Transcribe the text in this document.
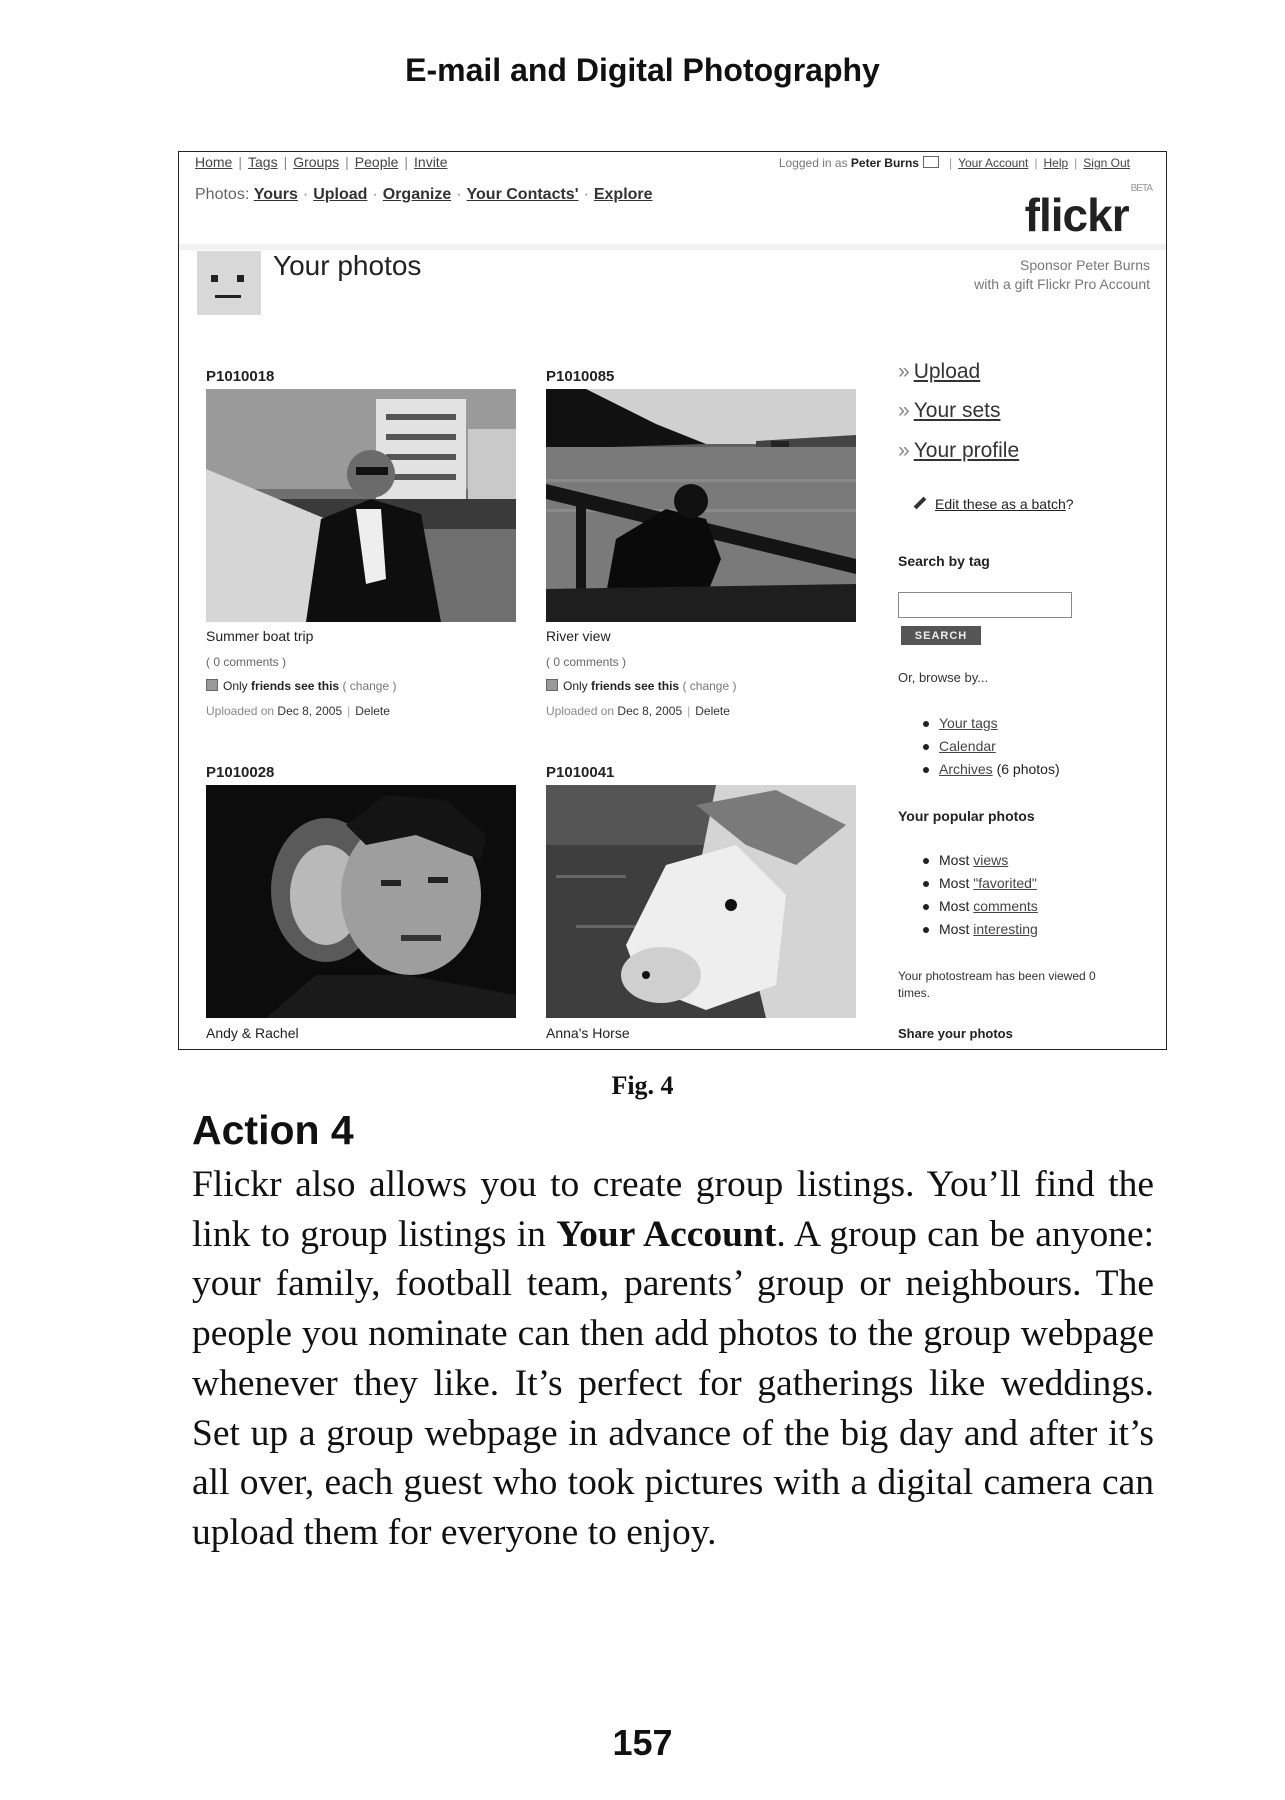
E-mail and Digital Photography
Home | Tags | Groups | People | Invite	Logged in as Peter Burns	| Your Account | Help | Sign Out
Photos: Yours · Upload · Organize · Your Contacts' · Explore	flickr$^{BETA}$
Your photos	Sponsor Peter Burns
with a gift Flickr Pro Account
P1010018
Summer boat trip
( 0 comments )
Only friends see this ( change )
Uploaded on Dec 8, 2005 | Delete
P1010085
River view
( 0 comments )
Only friends see this ( change )
Uploaded on Dec 8, 2005 | Delete
P1010028
Andy & Rachel
P1010041
Anna's Horse
» Upload
» Your sets
» Your profile
Edit these as a batch?
Search by tag
SEARCH
Or, browse by...
Your tags
Calendar
Archives (6 photos)
Your popular photos
Most views
Most "favorited"
Most comments
Most interesting
Your photostream has been viewed 0
times.
Share your photos
Fig. 4
Action 4

Flickr also allows you to create group listings. You’ll find the link to group listings in Your Account. A group can be anyone: your family, football team, parents’ group or neighbours. The people you nominate can then add photos to the group webpage whenever they like. It’s perfect for gatherings like weddings. Set up a group webpage in advance of the big day and after it’s all over, each guest who took pictures with a digital camera can upload them for everyone to enjoy.

157
